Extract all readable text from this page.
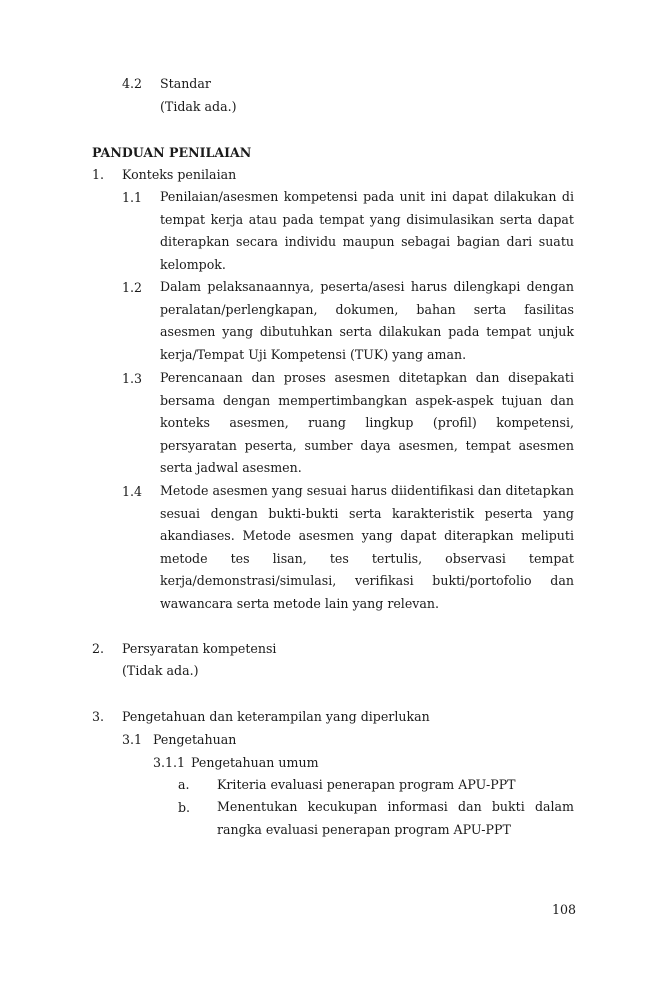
4.2 Standar
(Tidak ada.)
PANDUAN PENILAIAN
1. Konteks penilaian
1.1 Penilaian/asesmen kompetensi pada unit ini dapat dilakukan di tempat kerja atau pada tempat yang disimulasikan serta dapat diterapkan secara individu maupun sebagai bagian dari suatu kelompok.
1.2 Dalam pelaksanaannya, peserta/asesi harus dilengkapi dengan peralatan/perlengkapan, dokumen, bahan serta fasilitas asesmen yang dibutuhkan serta dilakukan pada tempat unjuk kerja/Tempat Uji Kompetensi (TUK) yang aman.
1.3 Perencanaan dan proses asesmen ditetapkan dan disepakati bersama dengan mempertimbangkan aspek-aspek tujuan dan konteks asesmen, ruang lingkup (profil) kompetensi, persyaratan peserta, sumber daya asesmen, tempat asesmen serta jadwal asesmen.
1.4 Metode asesmen yang sesuai harus diidentifikasi dan ditetapkan sesuai dengan bukti-bukti serta karakteristik peserta yang akandiases. Metode asesmen yang dapat diterapkan meliputi metode tes lisan, tes tertulis, observasi tempat kerja/demonstrasi/simulasi, verifikasi bukti/portofolio dan wawancara serta metode lain yang relevan.
2. Persyaratan kompetensi
(Tidak ada.)
3. Pengetahuan dan keterampilan yang diperlukan
3.1 Pengetahuan
3.1.1 Pengetahuan umum
a. Kriteria evaluasi penerapan program APU-PPT
b. Menentukan kecukupan informasi dan bukti dalam rangka evaluasi penerapan program APU-PPT
108
